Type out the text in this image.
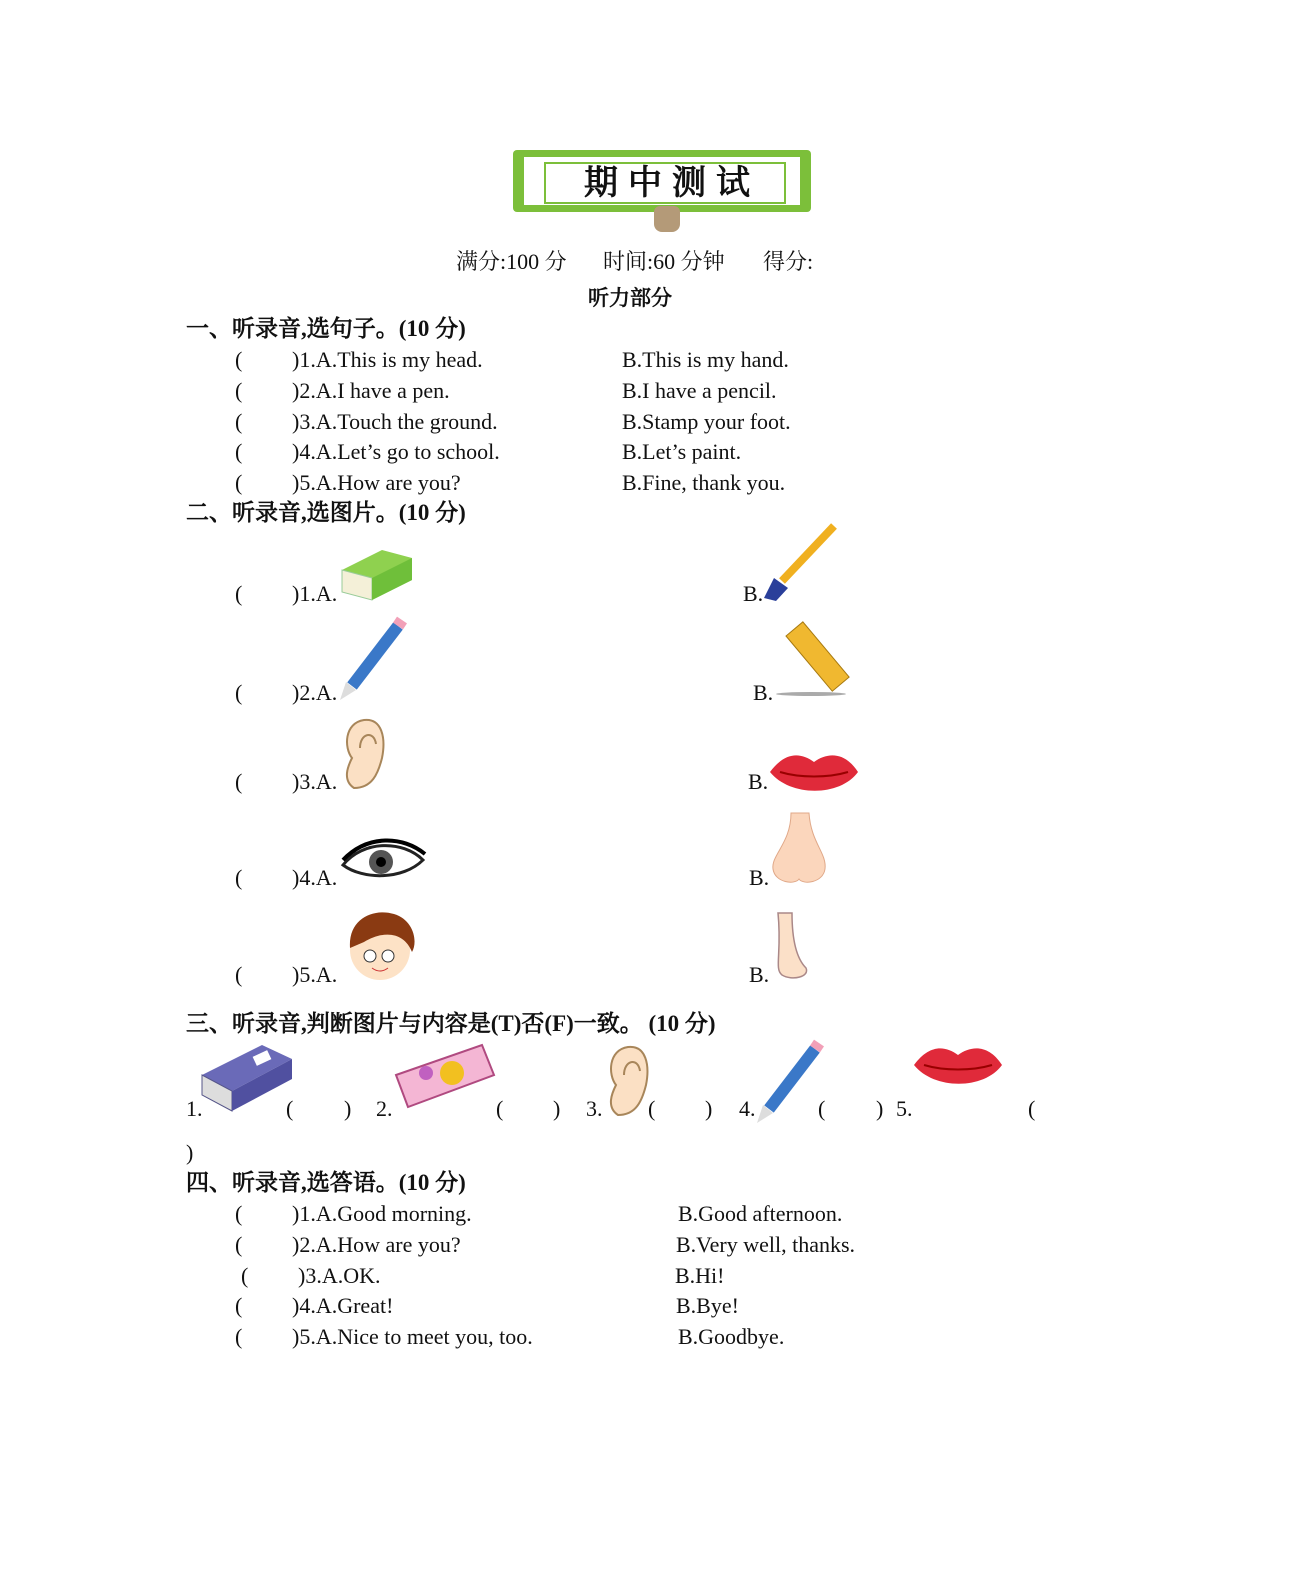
期中测试
满分:100 分 时间:60 分钟 得分:
听力部分
一、听录音,选句子。(10 分)
二、听录音,选图片。(10 分)
三、听录音,判断图片与内容是(T)否(F)一致。 (10 分)
)
四、听录音,选答语。(10 分)
( )1.A.This is my head.	B.This is my hand.
( )2.A.I have a pen.	B.I have a pencil.
( )3.A.Touch the ground.	B.Stamp your foot.
( )4.A.Let’s go to school.	B.Let’s paint.
( )5.A.How are you?	B.Fine, thank you.
( )1.A.	B.
( )2.A.	B.
( )3.A.	B.
( )4.A.	B.
( )5.A.	B.
1.	( ) 2.	( ) 3. ( ) 4.	( ) 5.	(
( )1.A.Good morning.	B.Good afternoon.
( )2.A.How are you?	B.Very well, thanks.
( )3.A.OK.	B.Hi!
( )4.A.Great!	B.Bye!
( )5.A.Nice to meet you, too.	B.Goodbye.
